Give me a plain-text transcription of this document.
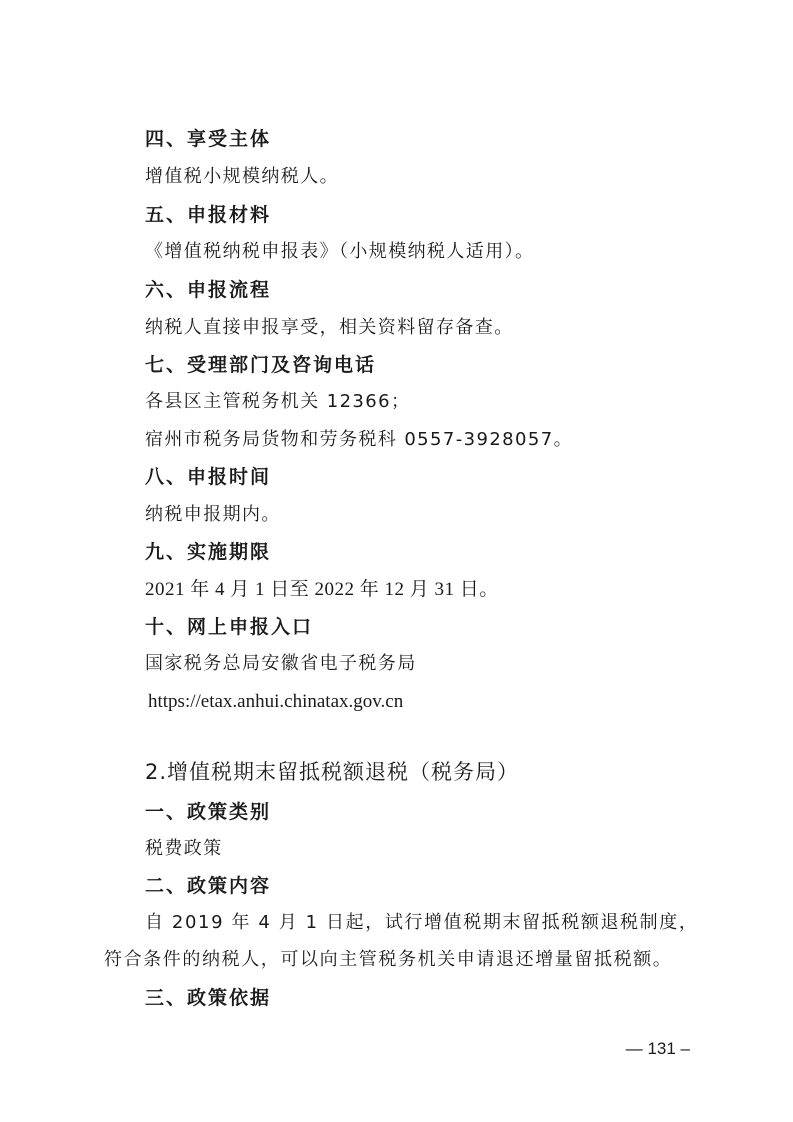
四、享受主体
增值税小规模纳税人。
五、申报材料
《增值税纳税申报表》（小规模纳税人适用）。
六、申报流程
纳税人直接申报享受，相关资料留存备查。
七、受理部门及咨询电话
各县区主管税务机关 12366；
宿州市税务局货物和劳务税科 0557-3928057。
八、申报时间
纳税申报期内。
九、实施期限
2021 年 4 月 1 日至 2022 年 12 月 31 日。
十、网上申报入口
国家税务总局安徽省电子税务局
https://etax.anhui.chinatax.gov.cn
2.增值税期末留抵税额退税（税务局）
一、政策类别
税费政策
二、政策内容
自 2019 年 4 月 1 日起，试行增值税期末留抵税额退税制度，
符合条件的纳税人，可以向主管税务机关申请退还增量留抵税额。
三、政策依据
— 131 –
